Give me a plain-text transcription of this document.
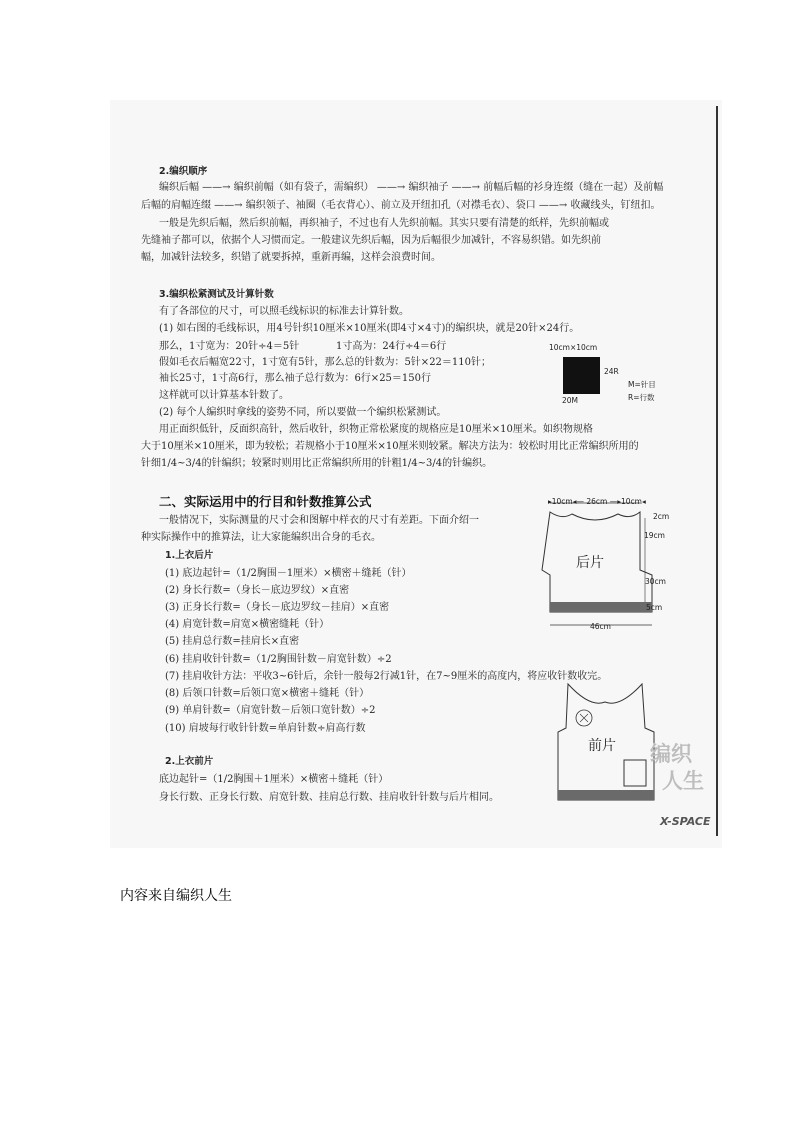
2.编织顺序
编织后幅 ——→ 编织前幅（如有袋子，需编织） ——→ 编织袖子 ——→ 前幅后幅的衫身连缀（缝在一起）及前幅
后幅的肩幅连缀 ——→ 编织领子、袖圈（毛衣背心）、前立及开纽扣孔（对襟毛衣）、袋口 ——→ 收藏线头，钉纽扣。
一般是先织后幅，然后织前幅，再织袖子，不过也有人先织前幅。其实只要有清楚的纸样，先织前幅或
先缝袖子都可以，依据个人习惯而定。一般建议先织后幅，因为后幅很少加减针，不容易织错。如先织前
幅，加减针法较多，织错了就要拆掉，重新再编，这样会浪费时间。
3.编织松紧测试及计算针数
有了各部位的尺寸，可以照毛线标识的标准去计算针数。
(1) 如右图的毛线标识，用4号针织10厘米×10厘米(即4寸×4寸)的编织块，就是20针×24行。
那么，1寸宽为：20针÷4＝5针	1寸高为：24行÷4＝6行
假如毛衣后幅宽22寸，1寸宽有5针，那么总的针数为：5针×22＝110针；
袖长25寸，1寸高6行，那么袖子总行数为：6行×25＝150行
这样就可以计算基本针数了。
(2) 每个人编织时拿线的姿势不同，所以要做一个编织松紧测试。
用正面织低针，反面织高针，然后收针，织物正常松紧度的规格应是10厘米×10厘米。如织物规格
大于10厘米×10厘米，即为较松；若规格小于10厘米×10厘米则较紧。解决方法为：较松时用比正常编织所用的
针细1/4~3/4的针编织；较紧时则用比正常编织所用的针粗1/4~3/4的针编织。
10cm×10cm
24R
20M
M=针目
R=行数
二、实际运用中的行目和针数推算公式
一般情况下，实际测量的尺寸会和图解中样衣的尺寸有差距。下面介绍一
种实际操作中的推算法，让大家能编织出合身的毛衣。
1.上衣后片
(1) 底边起针=（1/2胸围－1厘米）×横密＋缝耗（针）
(2) 身长行数=（身长－底边罗纹）×直密
(3) 正身长行数=（身长－底边罗纹－挂肩）×直密
(4) 肩宽针数=肩宽×横密缝耗（针）
(5) 挂肩总行数=挂肩长×直密
(6) 挂肩收针针数=（1/2胸围针数－肩宽针数）÷2
(7) 挂肩收针方法：平收3~6针后，余针一般每2行减1针，在7~9厘米的高度内，将应收针数收完。
(8) 后领口针数=后领口宽×横密＋缝耗（针）
(9) 单肩针数=（肩宽针数－后领口宽针数）÷2
(10) 肩坡每行收针针数=单肩针数÷肩高行数
2.上衣前片
底边起针=（1/2胸围＋1厘米）×横密＋缝耗（针）
身长行数、正身长行数、肩宽针数、挂肩总行数、挂肩收针针数与后片相同。
▸10cm◂— 26cm —▸10cm◂
2cm
19cm
后片
30cm
5cm
46cm
前片 编织
人生
X-SPACE
内容来自编织人生
